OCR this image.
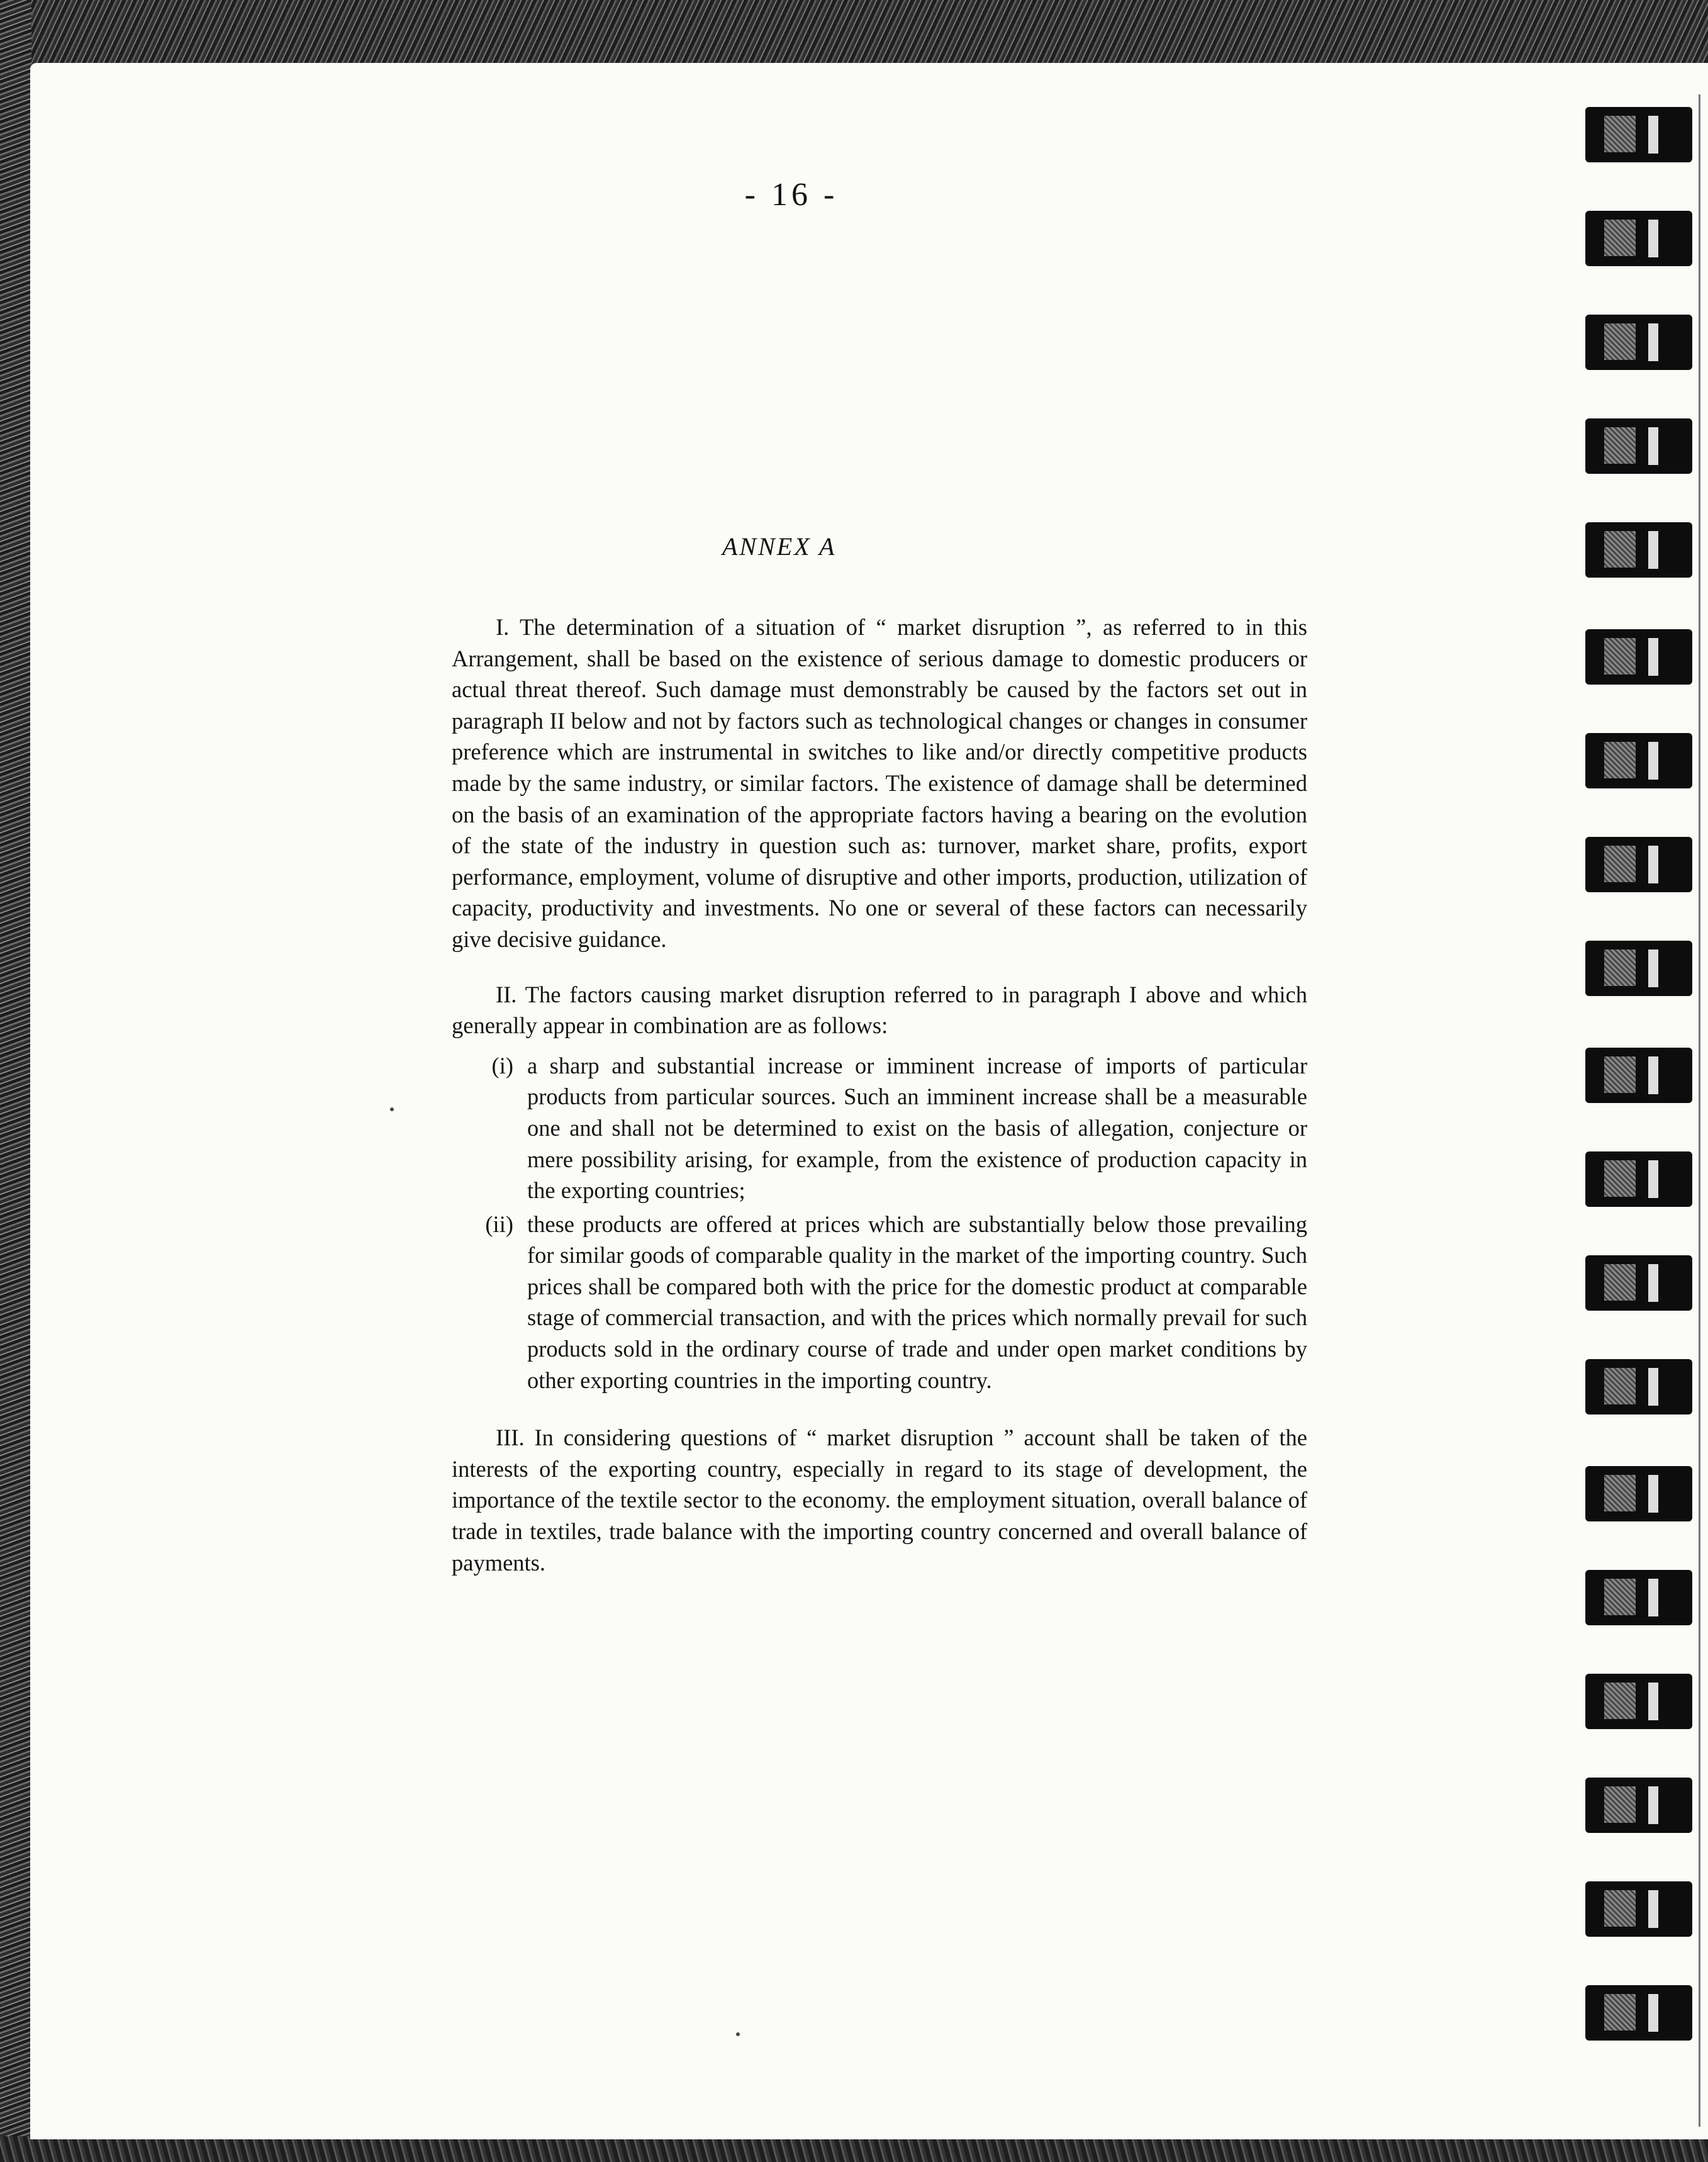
- 16 -
ANNEX A

I. The determination of a situation of “ market disruption ”, as referred to in this Arrangement, shall be based on the existence of serious damage to domestic producers or actual threat thereof. Such damage must demonstrably be caused by the factors set out in paragraph II below and not by factors such as technological changes or changes in consumer preference which are instrumental in switches to like and/or directly competitive products made by the same industry, or similar factors. The existence of damage shall be determined on the basis of an examination of the appropriate factors having a bearing on the evolution of the state of the industry in question such as: turnover, market share, profits, export performance, employment, volume of disruptive and other imports, production, utilization of capacity, productivity and investments. No one or several of these factors can necessarily give decisive guidance.

II. The factors causing market disruption referred to in paragraph I above and which generally appear in combination are as follows:

(i) a sharp and substantial increase or imminent increase of imports of particular products from particular sources. Such an imminent increase shall be a measurable one and shall not be determined to exist on the basis of allegation, conjecture or mere possibility arising, for example, from the existence of production capacity in the exporting countries;
(ii) these products are offered at prices which are substantially below those prevailing for similar goods of comparable quality in the market of the importing country. Such prices shall be compared both with the price for the domestic product at comparable stage of commercial transaction, and with the prices which normally prevail for such products sold in the ordinary course of trade and under open market conditions by other exporting countries in the importing country.

III. In considering questions of “ market disruption ” account shall be taken of the interests of the exporting country, especially in regard to its stage of development, the importance of the textile sector to the economy. the employment situation, overall balance of trade in textiles, trade balance with the importing country concerned and overall balance of payments.
